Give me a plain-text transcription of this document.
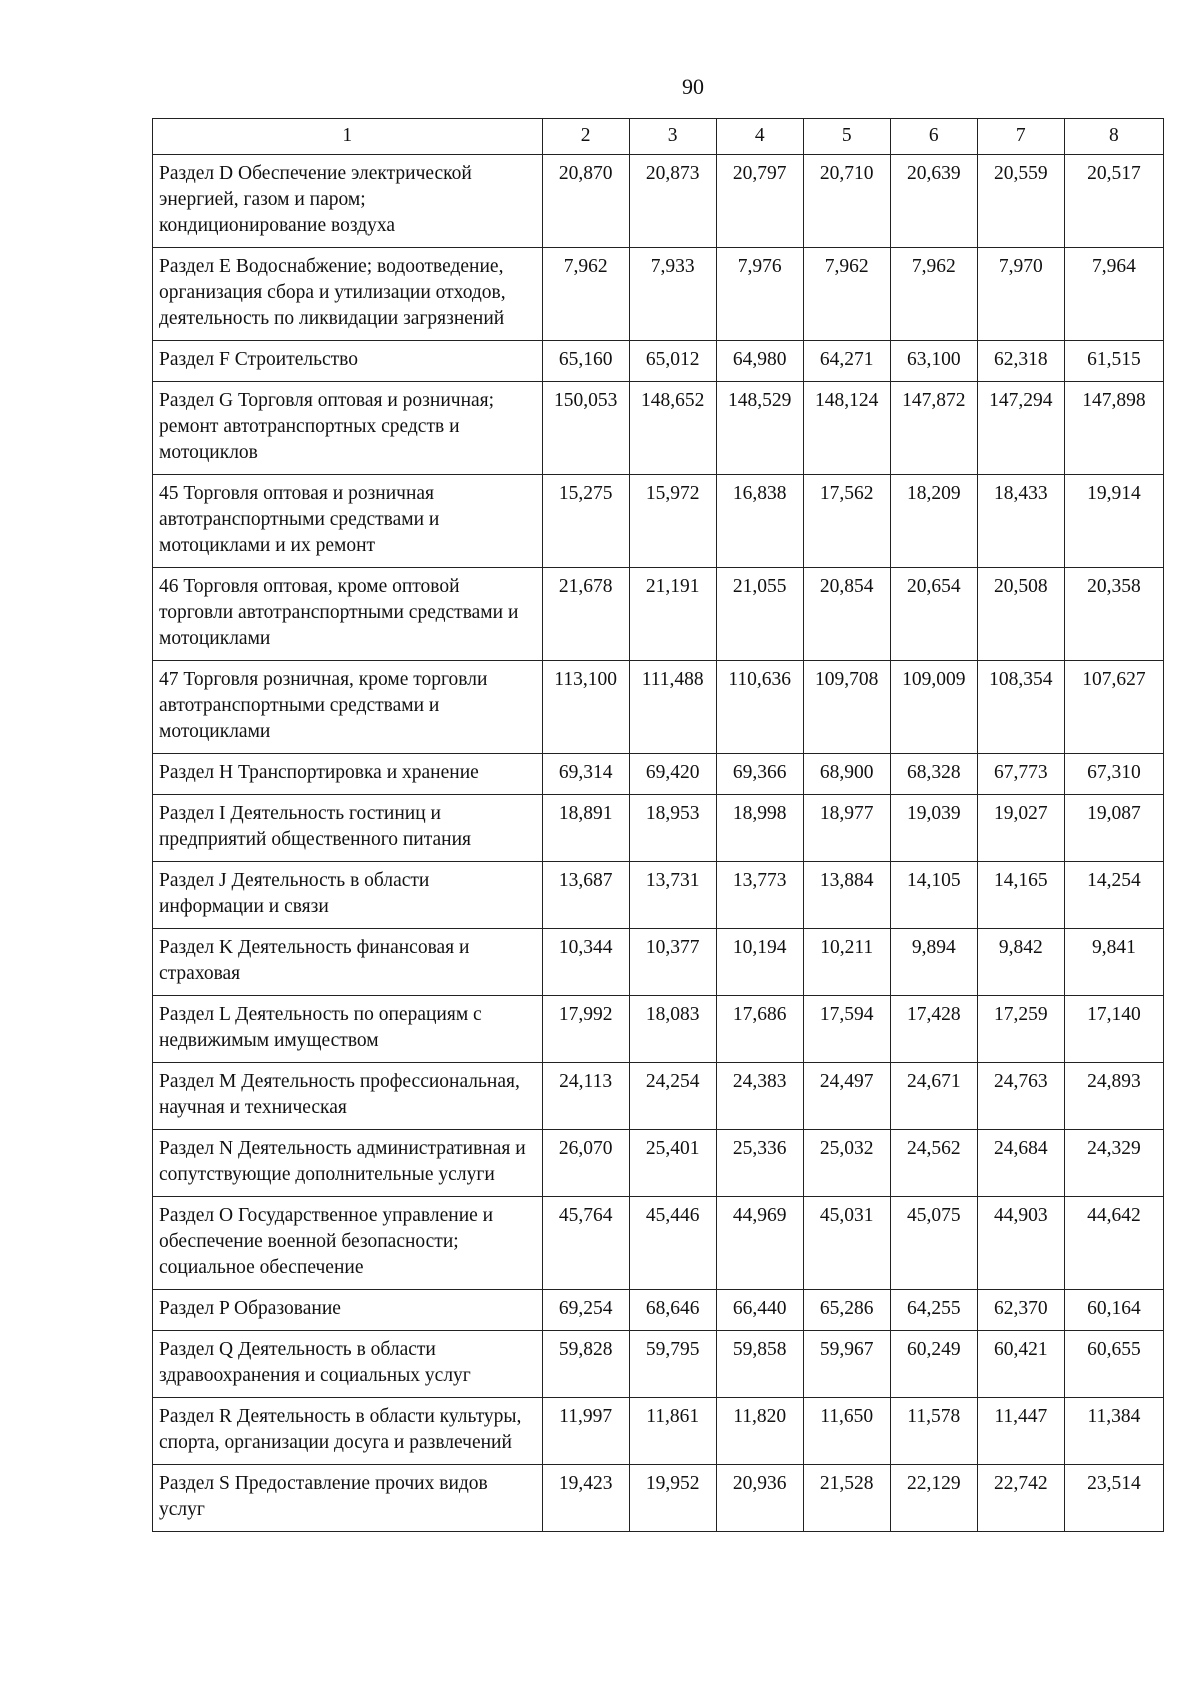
90
1	2	3	4	5	6	7	8
Раздел D Обеспечение электрической энергией, газом и паром; кондиционирование воздуха	20,870	20,873	20,797	20,710	20,639	20,559	20,517
Раздел E Водоснабжение; водоотведение, организация сбора и утилизации отходов, деятельность по ликвидации загрязнений	7,962	7,933	7,976	7,962	7,962	7,970	7,964
Раздел F Строительство	65,160	65,012	64,980	64,271	63,100	62,318	61,515
Раздел G Торговля оптовая и розничная; ремонт автотранспортных средств и мотоциклов	150,053	148,652	148,529	148,124	147,872	147,294	147,898
45 Торговля оптовая и розничная автотранспортными средствами и мотоциклами и их ремонт	15,275	15,972	16,838	17,562	18,209	18,433	19,914
46 Торговля оптовая, кроме оптовой торговли автотранспортными средствами и мотоциклами	21,678	21,191	21,055	20,854	20,654	20,508	20,358
47 Торговля розничная, кроме торговли автотранспортными средствами и мотоциклами	113,100	111,488	110,636	109,708	109,009	108,354	107,627
Раздел H Транспортировка и хранение	69,314	69,420	69,366	68,900	68,328	67,773	67,310
Раздел I Деятельность гостиниц и предприятий общественного питания	18,891	18,953	18,998	18,977	19,039	19,027	19,087
Раздел J Деятельность в области информации и связи	13,687	13,731	13,773	13,884	14,105	14,165	14,254
Раздел K Деятельность финансовая и страховая	10,344	10,377	10,194	10,211	9,894	9,842	9,841
Раздел L Деятельность по операциям с недвижимым имуществом	17,992	18,083	17,686	17,594	17,428	17,259	17,140
Раздел M Деятельность профессиональная, научная и техническая	24,113	24,254	24,383	24,497	24,671	24,763	24,893
Раздел N Деятельность административная и сопутствующие дополнительные услуги	26,070	25,401	25,336	25,032	24,562	24,684	24,329
Раздел O Государственное управление и обеспечение военной безопасности; социальное обеспечение	45,764	45,446	44,969	45,031	45,075	44,903	44,642
Раздел P Образование	69,254	68,646	66,440	65,286	64,255	62,370	60,164
Раздел Q Деятельность в области здравоохранения и социальных услуг	59,828	59,795	59,858	59,967	60,249	60,421	60,655
Раздел R Деятельность в области культуры, спорта, организации досуга и развлечений	11,997	11,861	11,820	11,650	11,578	11,447	11,384
Раздел S Предоставление прочих видов услуг	19,423	19,952	20,936	21,528	22,129	22,742	23,514
